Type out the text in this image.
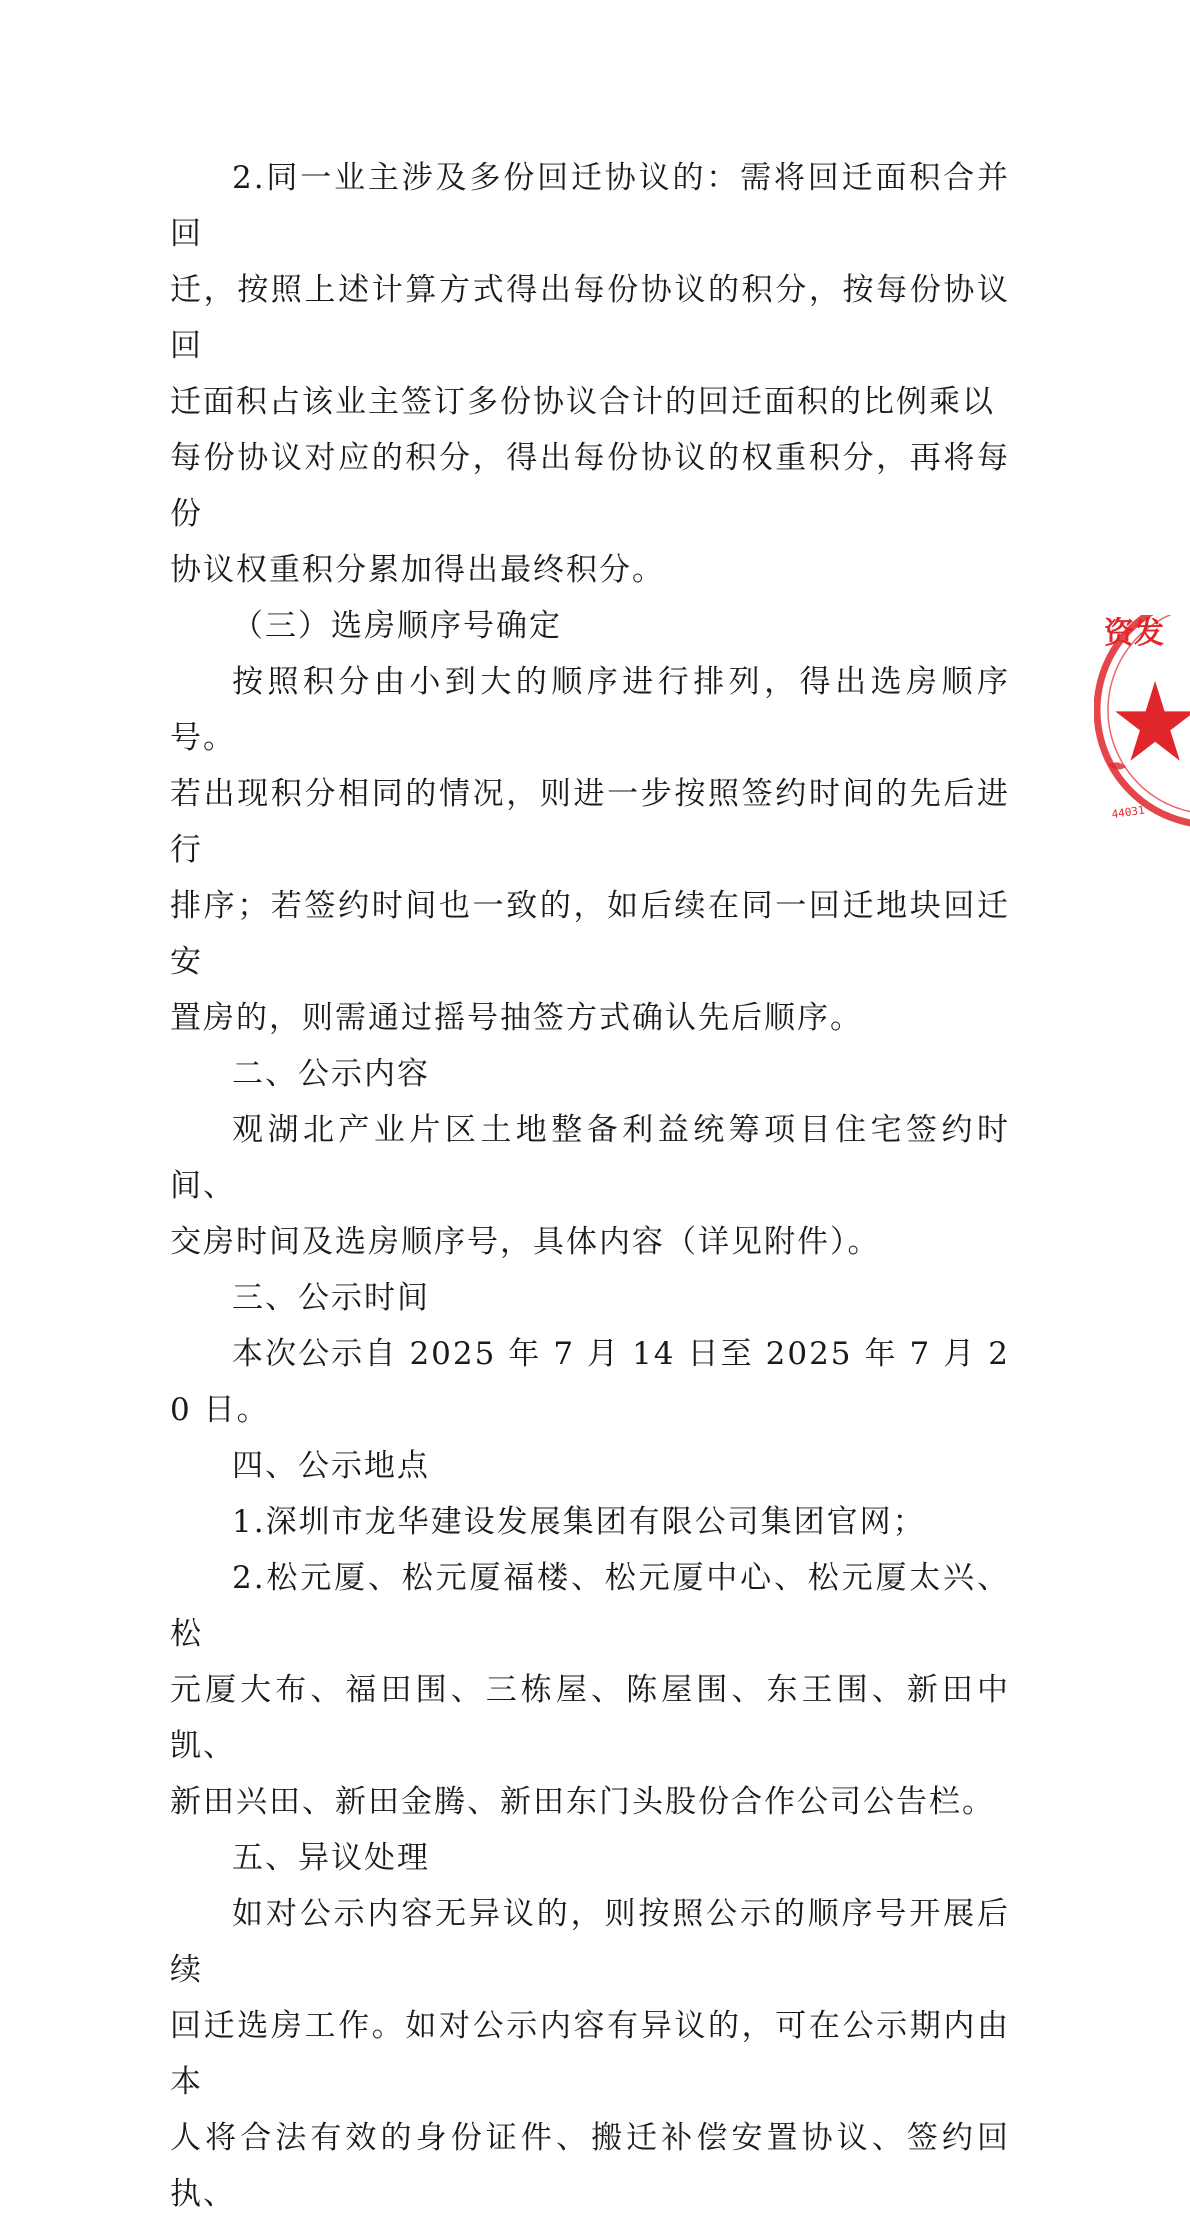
2.同一业主涉及多份回迁协议的：需将回迁面积合并回
迁，按照上述计算方式得出每份协议的积分，按每份协议回
迁面积占该业主签订多份协议合计的回迁面积的比例乘以
每份协议对应的积分，得出每份协议的权重积分，再将每份
协议权重积分累加得出最终积分。
（三）选房顺序号确定
按照积分由小到大的顺序进行排列，得出选房顺序号。
若出现积分相同的情况，则进一步按照签约时间的先后进行
排序；若签约时间也一致的，如后续在同一回迁地块回迁安
置房的，则需通过摇号抽签方式确认先后顺序。
二、公示内容
观湖北产业片区土地整备利益统筹项目住宅签约时间、
交房时间及选房顺序号，具体内容（详见附件）。
三、公示时间
本次公示自 2025 年 7 月 14 日至 2025 年 7 月 20 日。
四、公示地点
1.深圳市龙华建设发展集团有限公司集团官网；
2.松元厦、松元厦福楼、松元厦中心、松元厦太兴、松
元厦大布、福田围、三栋屋、陈屋围、东王围、新田中凯、
新田兴田、新田金腾、新田东门头股份合作公司公告栏。
五、异议处理
如对公示内容无异议的，则按照公示的顺序号开展后续
回迁选房工作。如对公示内容有异议的，可在公示期内由本
人将合法有效的身份证件、搬迁补偿安置协议、签约回执、
资发
44031
